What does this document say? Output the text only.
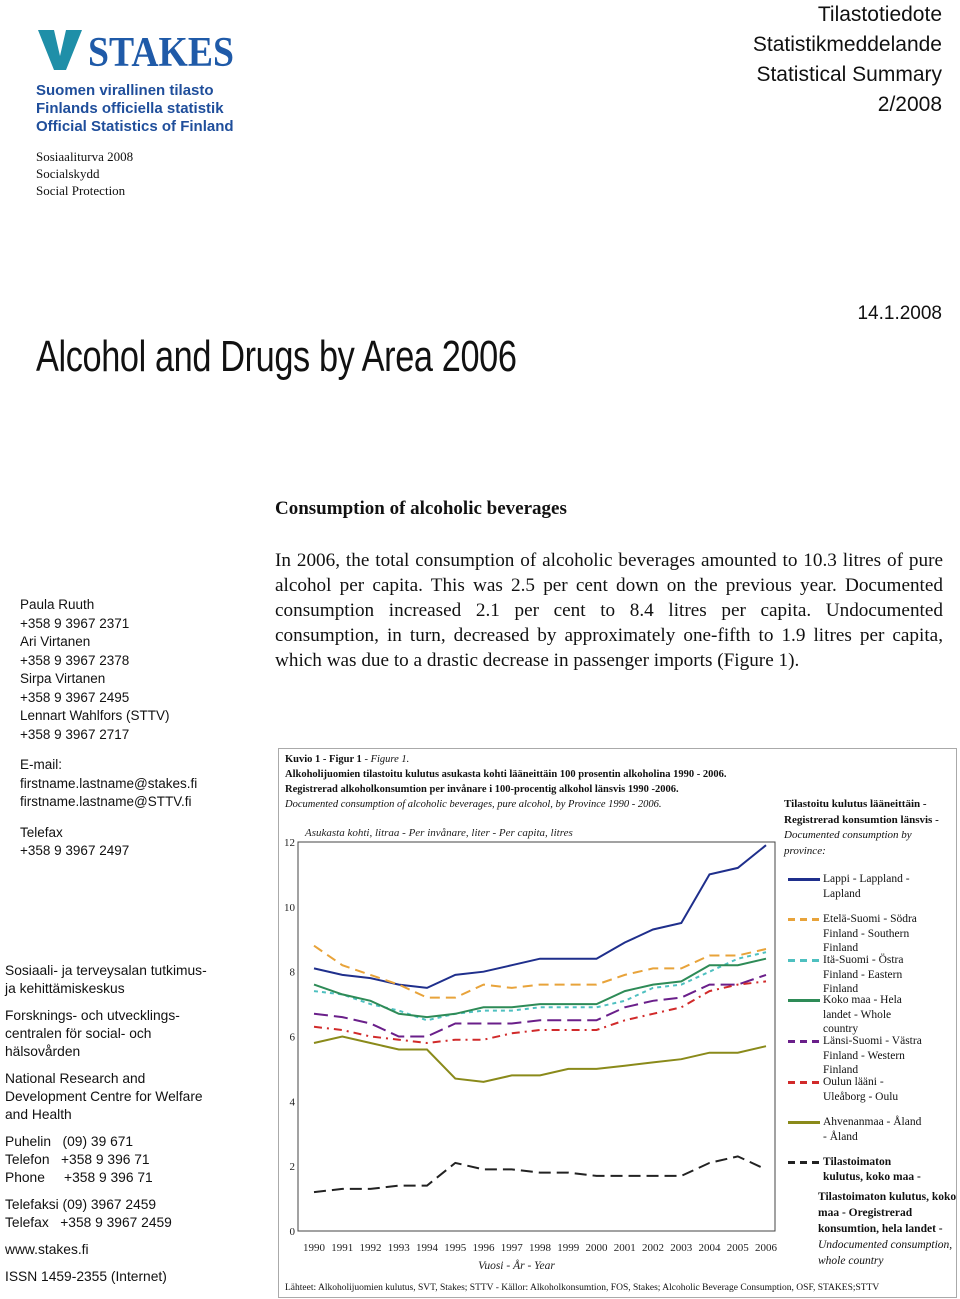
STAKES
Suomen virallinen tilasto
Finlands officiella statistik
Official Statistics of Finland
Sosiaaliturva 2008
Socialskydd
Social Protection
Tilastotiedote
Statistikmeddelande
Statistical Summary
2/2008
14.1.2008
Alcohol and Drugs by Area 2006
Paula Ruuth
+358 9 3967 2371
Ari Virtanen
+358 9 3967 2378
Sirpa Virtanen
+358 9 3967 2495
Lennart Wahlfors (STTV)
+358 9 3967 2717
E-mail:
firstname.lastname@stakes.fi
firstname.lastname@STTV.fi
Telefax
+358 9 3967 2497
Sosiaali- ja terveysalan tutkimus-
ja kehittämiskeskus
Forsknings- och utvecklings-
centralen för social- och
hälsovården
National Research and
Development Centre for Welfare
and Health
Puhelin   (09) 39 671
Telefon   +358 9 396 71
Phone     +358 9 396 71
Telefaksi (09) 3967 2459
Telefax   +358 9 3967 2459
www.stakes.fi
ISSN 1459-2355 (Internet)
Consumption of alcoholic beverages
In 2006, the total consumption of alcoholic beverages amounted to 10.3 litres of pure alcohol per capita. This was 2.5 per cent down on the previous year. Documented consumption increased 2.1 per cent to 8.4 litres per capita. Undocumented consumption, in turn, decreased by approximately one-fifth to 1.9 litres per capita, which was due to a drastic decrease in passenger imports (Figure 1).
Kuvio 1 - Figur 1 - Figure 1.
Alkoholijuomien tilastoitu kulutus asukasta kohti lääneittäin 100 prosentin alkoholina 1990 - 2006.
Registrerad alkoholkonsumtion per invånare i 100-procentig alkohol länsvis 1990 -2006.
Documented consumption of alcoholic beverages, pure alcohol, by Province 1990 - 2006.
0
2
4
6
8
10
12
1990 1991 1992 1993 1994 1995 1996 1997 1998 1999 2000 2001 2002 2003 2004 2005 2006
Asukasta kohti, litraa - Per invånare, liter - Per capita, litres
Vuosi - År - Year
Tilastoitu kulutus lääneittäin - Registrerad konsumtion länsvis -
Documented consumption by province:
Lappi - Lappland -
Lapland
Etelä-Suomi - Södra
Finland - Southern
Finland
Itä-Suomi - Östra
Finland - Eastern
Finland
Koko maa - Hela
landet - Whole
country
Länsi-Suomi - Västra
Finland - Western
Finland
Oulun lääni -
Uleåborg - Oulu
Ahvenanmaa - Åland
- Åland
Tilastoimaton
kulutus, koko maa -
Tilastoimaton kulutus, koko maa - Oregistrerad konsumtion, hela landet - Undocumented consumption, whole country
Lähteet: Alkoholijuomien kulutus, SVT, Stakes; STTV - Källor: Alkoholkonsumtion, FOS, Stakes; Alcoholic Beverage Consumption, OSF, STAKES;STTV
